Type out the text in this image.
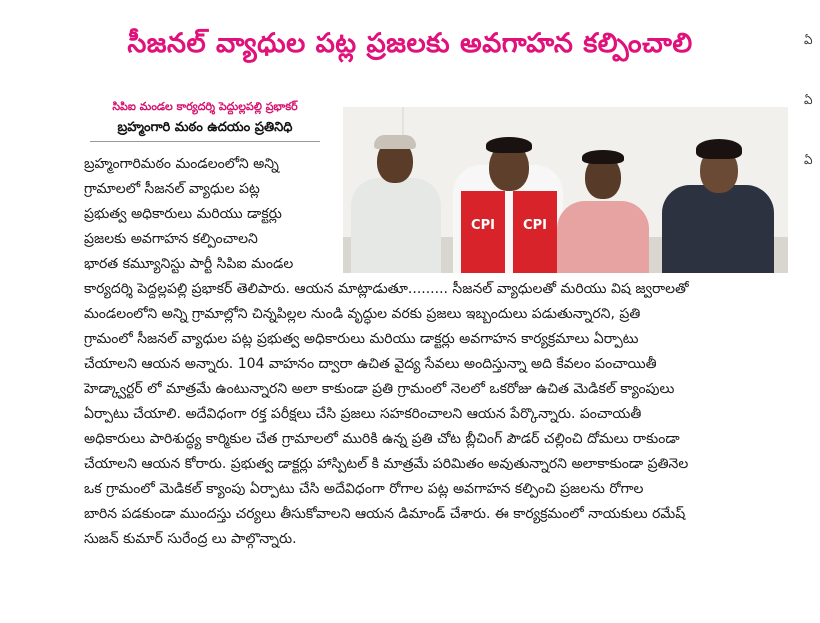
సీజనల్ వ్యాధుల పట్ల ప్రజలకు అవగాహన కల్పించాలి	ఏ
ఏ
ఏ
సిపిఐ మండల కార్యదర్శి పెద్దుల్లపల్లి ప్రభాకర్
బ్రహ్మంగారి మఠం ఉదయం ప్రతినిధి
CPI	CPI

బ్రహ్మంగారిమఠం మండలంలోని అన్ని

గ్రామాలలో సీజనల్ వ్యాధుల పట్ల

ప్రభుత్వ అధికారులు మరియు డాక్టర్లు

ప్రజలకు అవగాహన కల్పించాలని

భారత కమ్యూనిస్టు పార్టీ సిపిఐ మండల

కార్యదర్శి పెద్దల్లపల్లి ప్రభాకర్ తెలిపారు. ఆయన మాట్లాడుతూ......... సీజనల్ వ్యాధులతో మరియు విష జ్వరాలతో

మండలంలోని అన్ని గ్రామాల్లోని చిన్నపిల్లల నుండి వృద్ధుల వరకు ప్రజలు ఇబ్బందులు పడుతున్నారని, ప్రతి

గ్రామంలో సీజనల్ వ్యాధుల పట్ల ప్రభుత్వ అధికారులు మరియు డాక్టర్లు అవగాహన కార్యక్రమాలు ఏర్పాటు

చేయాలని ఆయన అన్నారు. 104 వాహనం ద్వారా ఉచిత వైద్య సేవలు అందిస్తున్నా అది కేవలం పంచాయితీ

హెడ్క్వార్టర్ లో మాత్రమే ఉంటున్నారని అలా కాకుండా ప్రతి గ్రామంలో నెలలో ఒకరోజు ఉచిత మెడికల్ క్యాంపులు

ఏర్పాటు చేయాలి. అదేవిధంగా రక్త పరీక్షలు చేసి ప్రజలు సహకరించాలని ఆయన పేర్కొన్నారు. పంచాయతీ

అధికారులు పారిశుద్ధ్య కార్మికుల చేత గ్రామాలలో మురికి ఉన్న ప్రతి చోట బ్లీచింగ్ పౌడర్ చల్లించి దోమలు రాకుండా

చేయాలని ఆయన కోరారు. ప్రభుత్వ డాక్టర్లు హాస్పిటల్ కి మాత్రమే పరిమితం అవుతున్నారని అలాకాకుండా ప్రతినెల

ఒక గ్రామంలో మెడికల్ క్యాంపు ఏర్పాటు చేసి అదేవిధంగా రోగాల పట్ల అవగాహన కల్పించి ప్రజలను రోగాల

బారిన పడకుండా ముందస్తు చర్యలు తీసుకోవాలని ఆయన డిమాండ్ చేశారు. ఈ కార్యక్రమంలో నాయకులు రమేష్

సుజన్ కుమార్ సురేంద్ర లు పాల్గొన్నారు.
